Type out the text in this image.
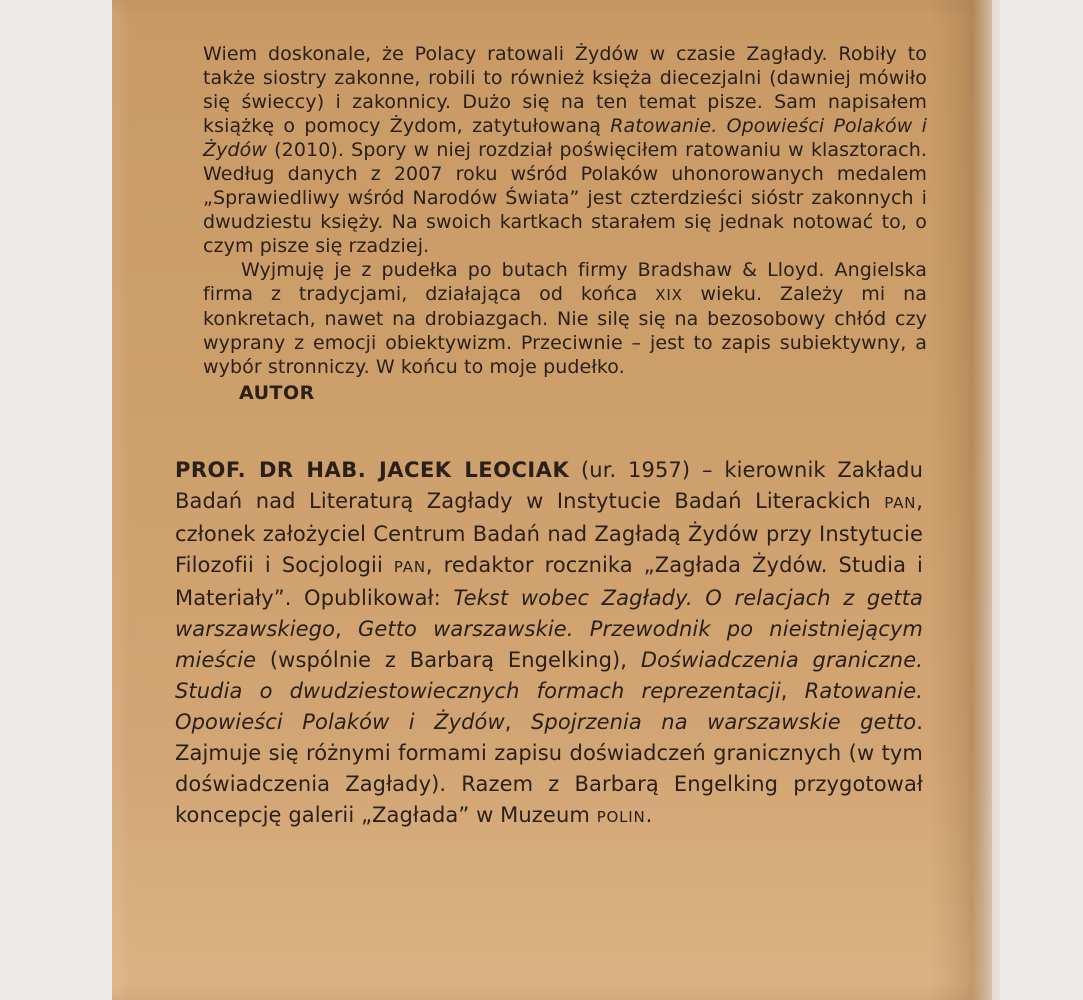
Wiem doskonale, że Polacy ratowali Żydów w czasie Zagłady. Robiły to także siostry zakonne, robili to również księża diecezjalni (dawniej mówiło się świeccy) i zakonnicy. Dużo się na ten temat pisze. Sam napisałem książkę o pomocy Żydom, zatytułowaną Ratowanie. Opowieści Polaków i Żydów (2010). Spory w niej rozdział poświęciłem ratowaniu w klasztorach. Według danych z 2007 roku wśród Polaków uhonorowanych medalem „Sprawiedliwy wśród Narodów Świata” jest czterdzieści sióstr zakonnych i dwudziestu księży. Na swoich kartkach starałem się jednak notować to, o czym pisze się rzadziej.

Wyjmuję je z pudełka po butach firmy Bradshaw & Lloyd. Angielska firma z tradycjami, działająca od końca XIX wieku. Zależy mi na konkretach, nawet na drobiazgach. Nie silę się na bezosobowy chłód czy wyprany z emocji obiektywizm. Przeciwnie – jest to zapis subiektywny, a wybór stronniczy. W końcu to moje pudełko.

AUTOR

PROF. DR HAB. JACEK LEOCIAK (ur. 1957) – kierownik Zakładu Badań nad Literaturą Zagłady w Instytucie Badań Literackich PAN, członek założyciel Centrum Badań nad Zagładą Żydów przy Instytucie Filozofii i Socjologii PAN, redaktor rocznika „Zagłada Żydów. Studia i Materiały”. Opublikował: Tekst wobec Zagłady. O relacjach z getta warszawskiego, Getto warszawskie. Przewodnik po nieistniejącym mieście (wspólnie z Barbarą Engelking), Doświadczenia graniczne. Studia o dwudziestowiecznych formach reprezentacji, Ratowanie. Opowieści Polaków i Żydów, Spojrzenia na warszawskie getto. Zajmuje się różnymi formami zapisu doświadczeń granicznych (w tym doświadczenia Zagłady). Razem z Barbarą Engelking przygotował koncepcję galerii „Zagłada” w Muzeum POLIN.
